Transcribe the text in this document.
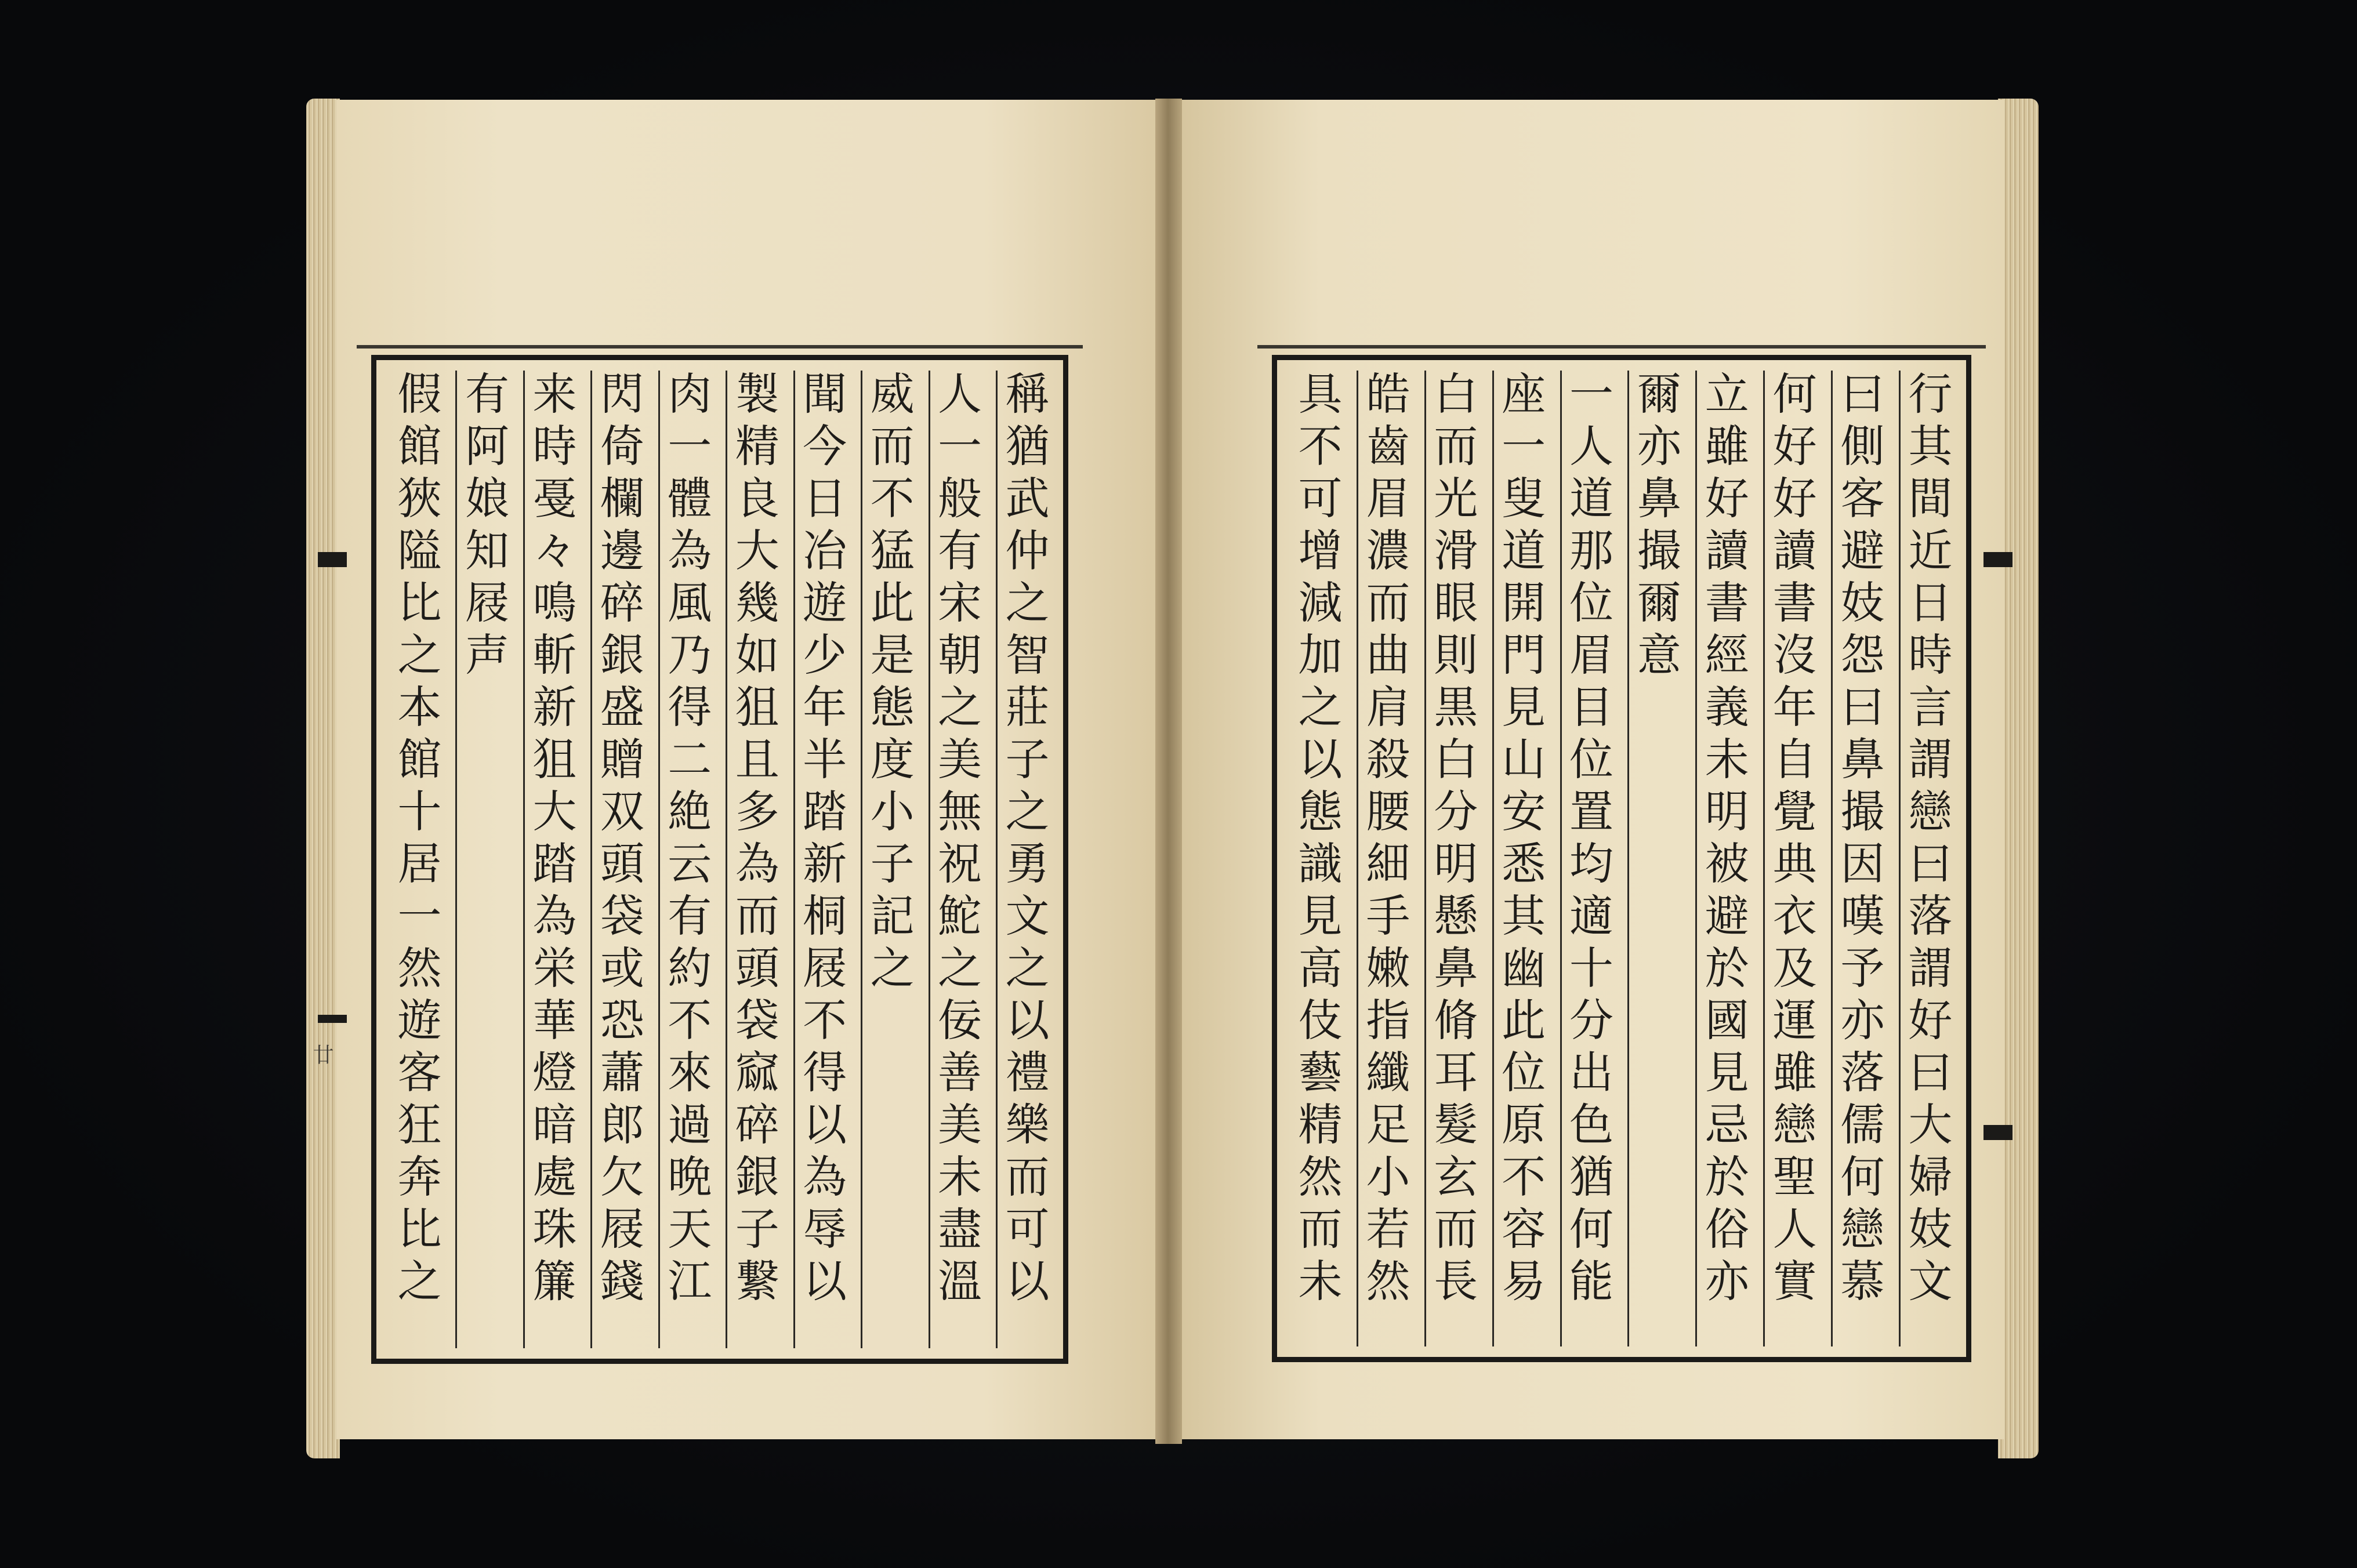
廿
稱猶武仲之智莊子之勇文之以禮樂而可以
人一般有宋朝之美無祝鮀之佞善美未盡溫
威而不猛此是態度小子記之
聞今日冶遊少年半踏新桐屐不得以為辱以
製精良大幾如狙且多為而頭袋窳碎銀子繋
肉一體為風乃得二絶云有約不來過晩天江
閃倚欄邊碎銀盛贈双頭袋或恐蕭郎欠屐錢
来時戞々鳴斬新狙大踏為栄華燈暗處珠簾
有阿娘知屐声
假館狹隘比之本館十居一然遊客狂奔比之
行其間近日時言謂戀曰落謂好曰大婦妓文
曰側客避妓怨曰鼻撮因嘆予亦落儒何戀慕
何好好讀書沒年自覺典衣及運雖戀聖人實
立雖好讀書經義未明被避於國見忌於俗亦
爾亦鼻撮爾意
一人道那位眉目位置均適十分出色猶何能
座一叟道開門見山安悉其幽此位原不容易
白而光滑眼則黒白分明懸鼻脩耳髮玄而長
皓齒眉濃而曲肩殺腰細手嫩指纖足小若然
具不可增減加之以態識見高伎藝精然而未
